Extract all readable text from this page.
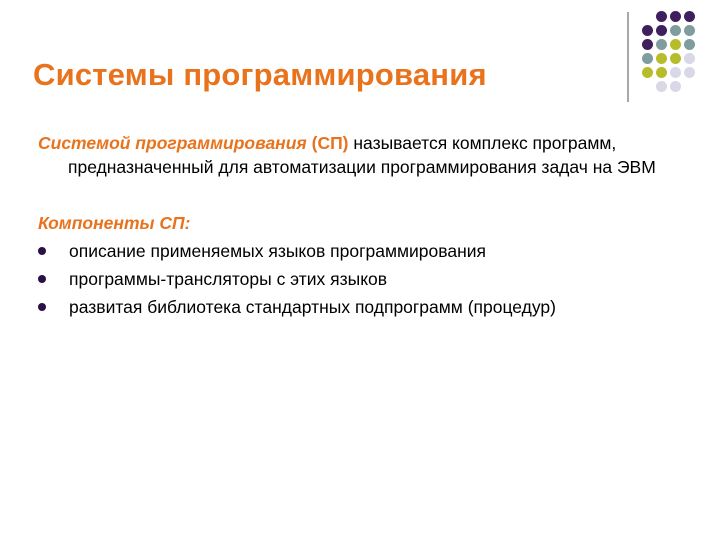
Системы программирования
Системой программирования (СП) называется комплекс программ, предназначенный для автоматизации программирования задач на ЭВМ
Компоненты СП:
описание применяемых языков программирования
программы-трансляторы с этих языков
развитая библиотека стандартных подпрограмм (процедур)
